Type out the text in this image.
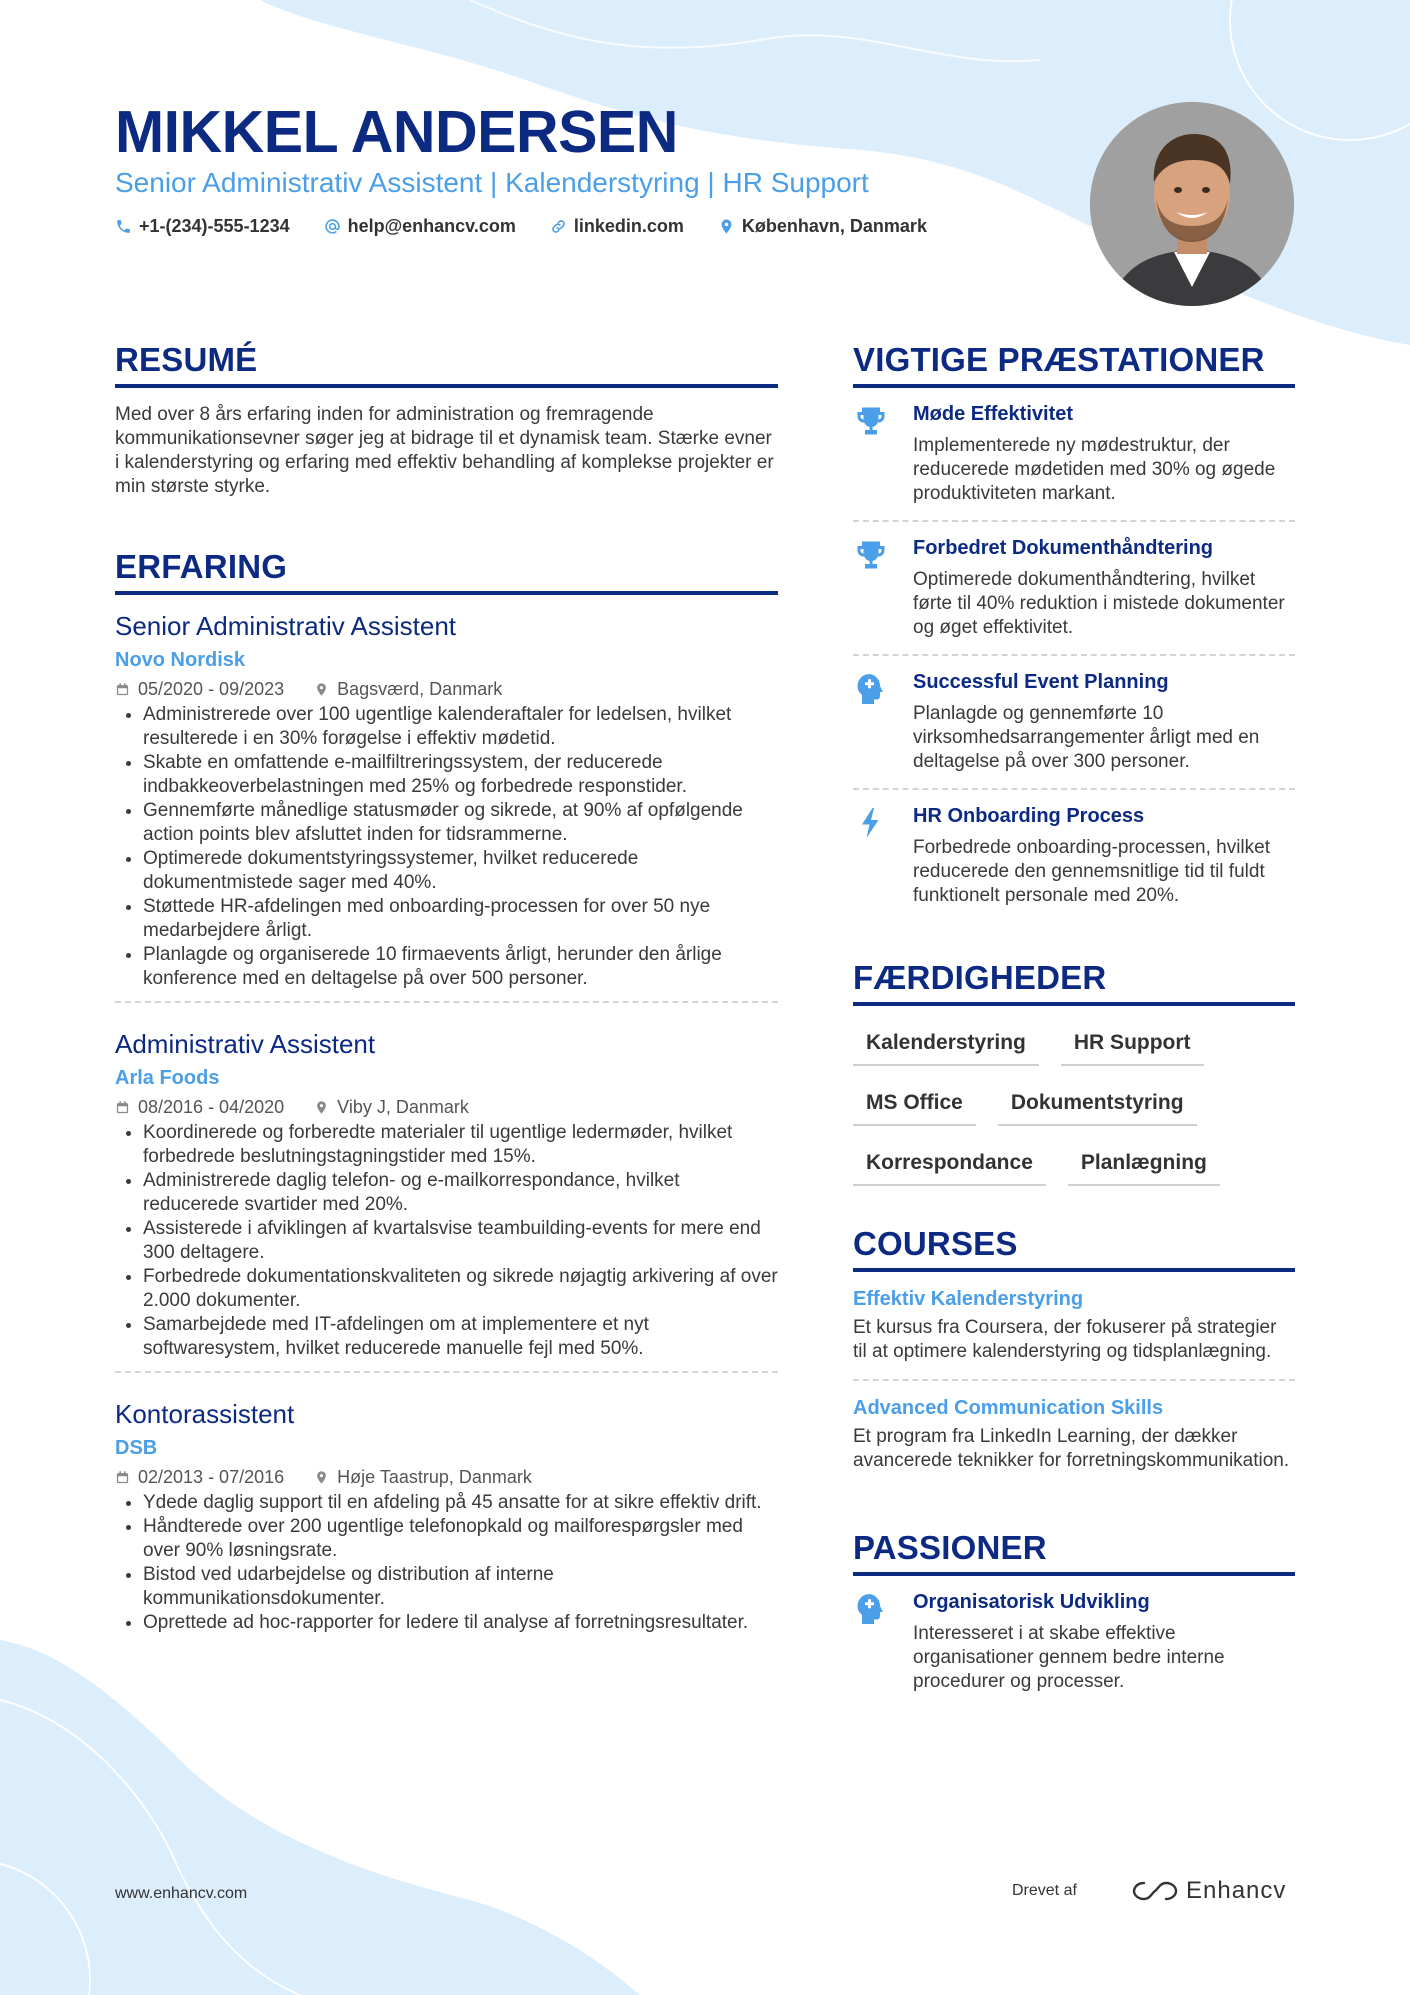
MIKKEL ANDERSEN
Senior Administrativ Assistent | Kalenderstyring | HR Support
+1-(234)-555-1234	help@enhancv.com	linkedin.com	København, Danmark
RESUMÉ
Med over 8 års erfaring inden for administration og fremragende kommunikationsevner søger jeg at bidrage til et dynamisk team. Stærke evner i kalenderstyring og erfaring med effektiv behandling af komplekse projekter er min største styrke.
ERFARING
Senior Administrativ Assistent
Novo Nordisk
05/2020 - 09/2023	Bagsværd, Danmark
• Administrerede over 100 ugentlige kalenderaftaler for ledelsen, hvilket resulterede i en 30% forøgelse i effektiv mødetid.
• Skabte en omfattende e-mailfiltreringssystem, der reducerede indbakkeoverbelastningen med 25% og forbedrede responstider.
• Gennemførte månedlige statusmøder og sikrede, at 90% af opfølgende action points blev afsluttet inden for tidsrammerne.
• Optimerede dokumentstyringssystemer, hvilket reducerede dokumentmistede sager med 40%.
• Støttede HR-afdelingen med onboarding-processen for over 50 nye medarbejdere årligt.
• Planlagde og organiserede 10 firmaevents årligt, herunder den årlige konference med en deltagelse på over 500 personer.
Administrativ Assistent
Arla Foods
08/2016 - 04/2020	Viby J, Danmark
• Koordinerede og forberedte materialer til ugentlige ledermøder, hvilket forbedrede beslutningstagningstider med 15%.
• Administrerede daglig telefon- og e-mailkorrespondance, hvilket reducerede svartider med 20%.
• Assisterede i afviklingen af kvartalsvise teambuilding-events for mere end 300 deltagere.
• Forbedrede dokumentationskvaliteten og sikrede nøjagtig arkivering af over 2.000 dokumenter.
• Samarbejdede med IT-afdelingen om at implementere et nyt softwaresystem, hvilket reducerede manuelle fejl med 50%.
Kontorassistent
DSB
02/2013 - 07/2016	Høje Taastrup, Danmark
• Ydede daglig support til en afdeling på 45 ansatte for at sikre effektiv drift.
• Håndterede over 200 ugentlige telefonopkald og mailforespørgsler med over 90% løsningsrate.
• Bistod ved udarbejdelse og distribution af interne kommunikationsdokumenter.
• Oprettede ad hoc-rapporter for ledere til analyse af forretningsresultater.
VIGTIGE PRÆSTATIONER
Møde Effektivitet
Implementerede ny mødestruktur, der reducerede mødetiden med 30% og øgede produktiviteten markant.
Forbedret Dokumenthåndtering
Optimerede dokumenthåndtering, hvilket førte til 40% reduktion i mistede dokumenter og øget effektivitet.
Successful Event Planning
Planlagde og gennemførte 10 virksomhedsarrangementer årligt med en deltagelse på over 300 personer.
HR Onboarding Process
Forbedrede onboarding-processen, hvilket reducerede den gennemsnitlige tid til fuldt funktionelt personale med 20%.
FÆRDIGHEDER
Kalenderstyring	HR Support
MS Office	Dokumentstyring
Korrespondance	Planlægning
COURSES
Effektiv Kalenderstyring
Et kursus fra Coursera, der fokuserer på strategier til at optimere kalenderstyring og tidsplanlægning.
Advanced Communication Skills
Et program fra LinkedIn Learning, der dækker avancerede teknikker for forretningskommunikation.
PASSIONER
Organisatorisk Udvikling
Interesseret i at skabe effektive organisationer gennem bedre interne procedurer og processer.
www.enhancv.com	Drevet af	Enhancv
